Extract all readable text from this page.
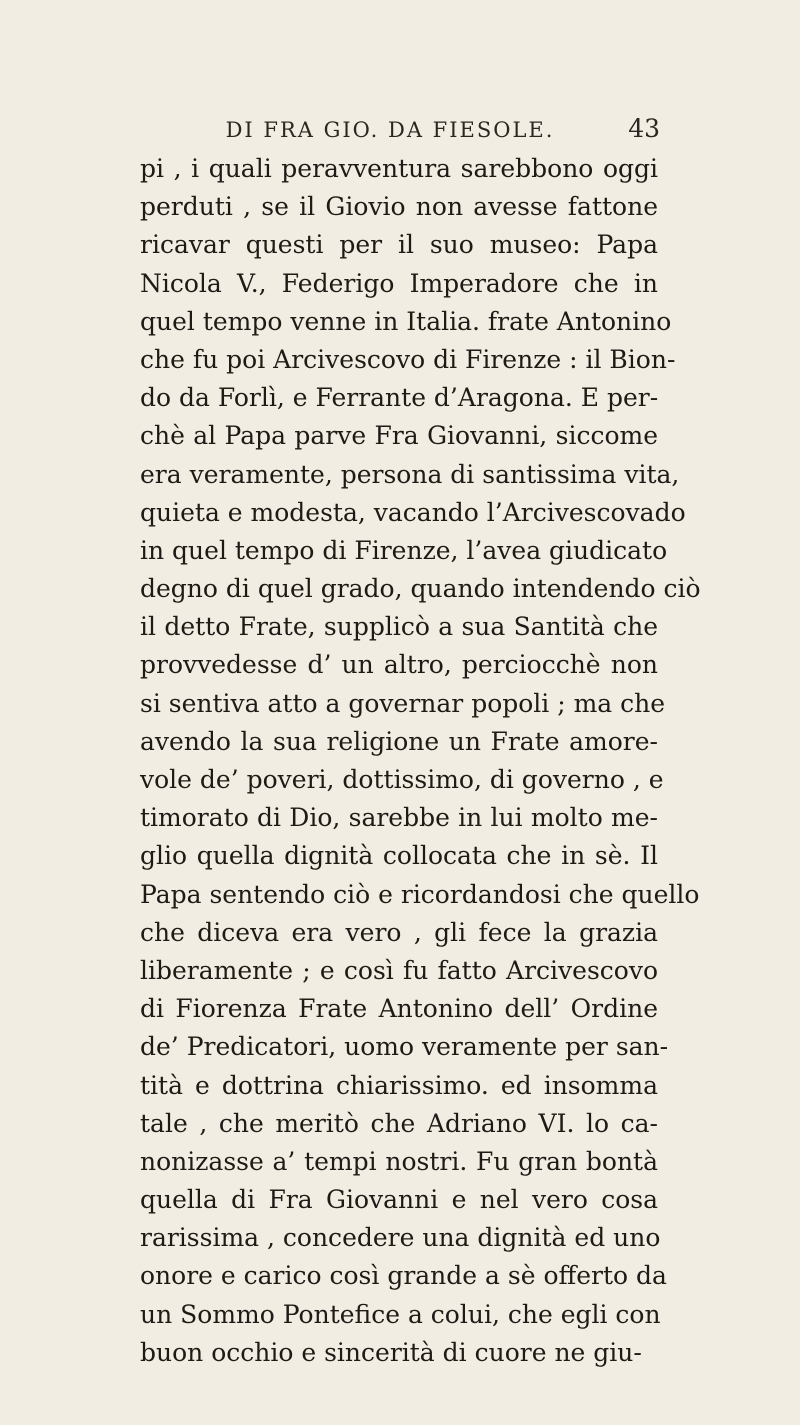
DI FRA GIO. DA FIESOLE.	43
pi , i quali peravventura sarebbono oggi
perduti , se il Giovio non avesse fattone
ricavar questi per il suo museo: Papa
Nicola V., Federigo Imperadore che in
quel tempo venne in Italia. frate Antonino
che fu poi Arcivescovo di Firenze : il Bion-
do da Forlì, e Ferrante d’Aragona. E per-
chè al Papa parve Fra Giovanni, siccome
era veramente, persona di santissima vita,
quieta e modesta, vacando l’Arcivescovado
in quel tempo di Firenze, l’avea giudicato
degno di quel grado, quando intendendo ciò
il detto Frate, supplicò a sua Santità che
provvedesse d’ un altro, perciocchè non
si sentiva atto a governar popoli ; ma che
avendo la sua religione un Frate amore-
vole de’ poveri, dottissimo, di governo , e
timorato di Dio, sarebbe in lui molto me-
glio quella dignità collocata che in sè. Il
Papa sentendo ciò e ricordandosi che quello
che diceva era vero , gli fece la grazia
liberamente ; e così fu fatto Arcivescovo
di Fiorenza Frate Antonino dell’ Ordine
de’ Predicatori, uomo veramente per san-
tità e dottrina chiarissimo. ed insomma
tale , che meritò che Adriano VI. lo ca-
nonizasse a’ tempi nostri. Fu gran bontà
quella di Fra Giovanni e nel vero cosa
rarissima , concedere una dignità ed uno
onore e carico così grande a sè offerto da
un Sommo Pontefice a colui, che egli con
buon occhio e sincerità di cuore ne giu-
